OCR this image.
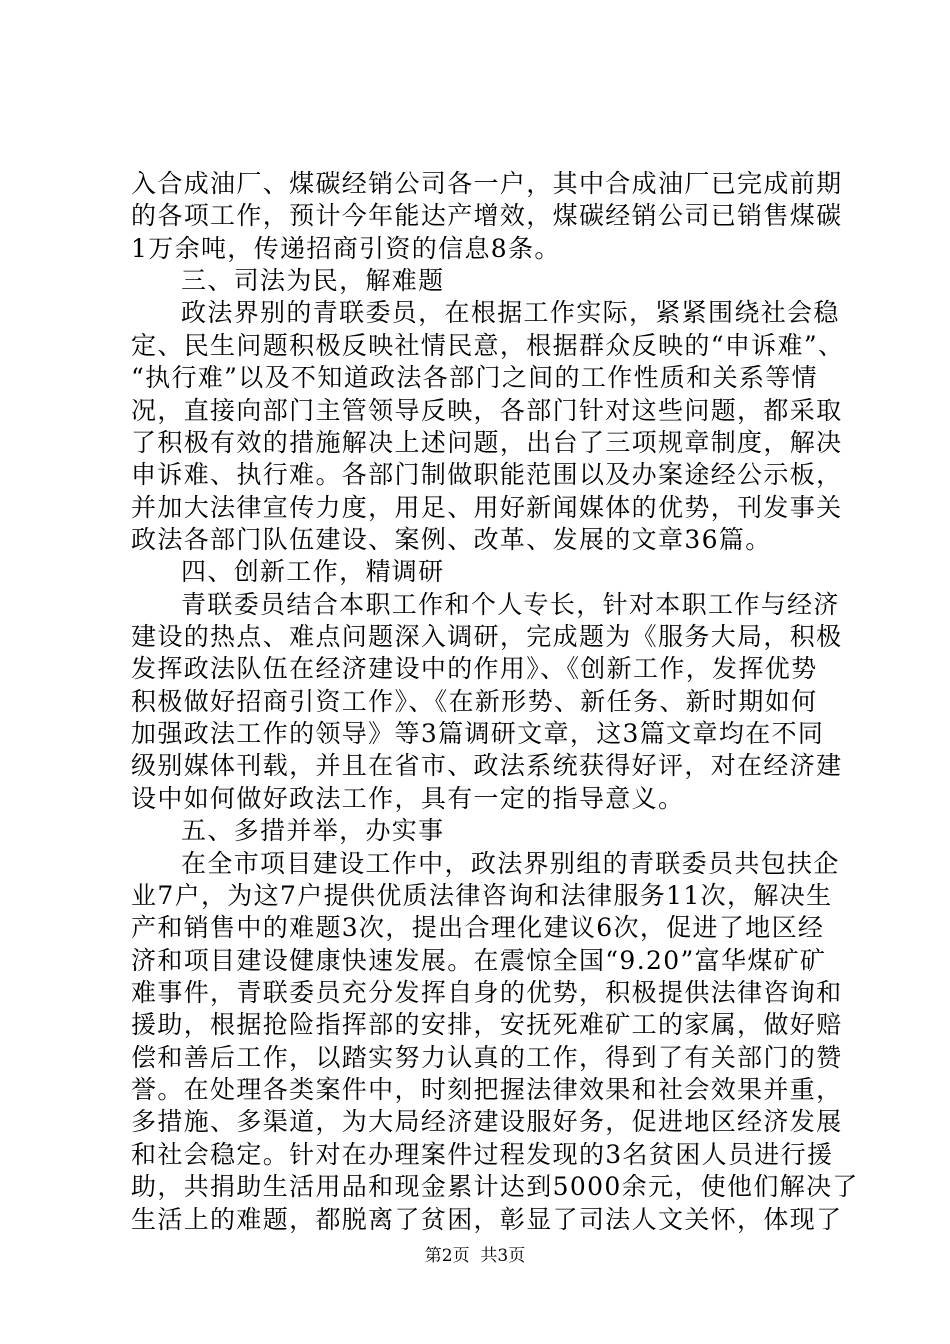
入合成油厂、煤碳经销公司各一户，其中合成油厂已完成前期
的各项工作，预计今年能达产增效，煤碳经销公司已销售煤碳
1万余吨，传递招商引资的信息8条。
三、司法为民，解难题
政法界别的青联委员，在根据工作实际，紧紧围绕社会稳
定、民生问题积极反映社情民意，根据群众反映的“申诉难”、
“执行难”以及不知道政法各部门之间的工作性质和关系等情
况，直接向部门主管领导反映，各部门针对这些问题，都采取
了积极有效的措施解决上述问题，出台了三项规章制度，解决
申诉难、执行难。各部门制做职能范围以及办案途经公示板，
并加大法律宣传力度，用足、用好新闻媒体的优势，刊发事关
政法各部门队伍建设、案例、改革、发展的文章36篇。
四、创新工作，精调研
青联委员结合本职工作和个人专长，针对本职工作与经济
建设的热点、难点问题深入调研，完成题为《服务大局，积极
发挥政法队伍在经济建设中的作用》、《创新工作，发挥优势
积极做好招商引资工作》、《在新形势、新任务、新时期如何
加强政法工作的领导》等3篇调研文章，这3篇文章均在不同
级别媒体刊载，并且在省市、政法系统获得好评，对在经济建
设中如何做好政法工作，具有一定的指导意义。
五、多措并举，办实事
在全市项目建设工作中，政法界别组的青联委员共包扶企
业7户，为这7户提供优质法律咨询和法律服务11次，解决生
产和销售中的难题3次，提出合理化建议6次，促进了地区经
济和项目建设健康快速发展。在震惊全国“9.20”富华煤矿矿
难事件，青联委员充分发挥自身的优势，积极提供法律咨询和
援助，根据抢险指挥部的安排，安抚死难矿工的家属，做好赔
偿和善后工作，以踏实努力认真的工作，得到了有关部门的赞
誉。在处理各类案件中，时刻把握法律效果和社会效果并重，
多措施、多渠道，为大局经济建设服好务，促进地区经济发展
和社会稳定。针对在办理案件过程发现的3名贫困人员进行援
助，共捐助生活用品和现金累计达到5000余元，使他们解决了
生活上的难题，都脱离了贫困，彰显了司法人文关怀，体现了
第2页  共3页
